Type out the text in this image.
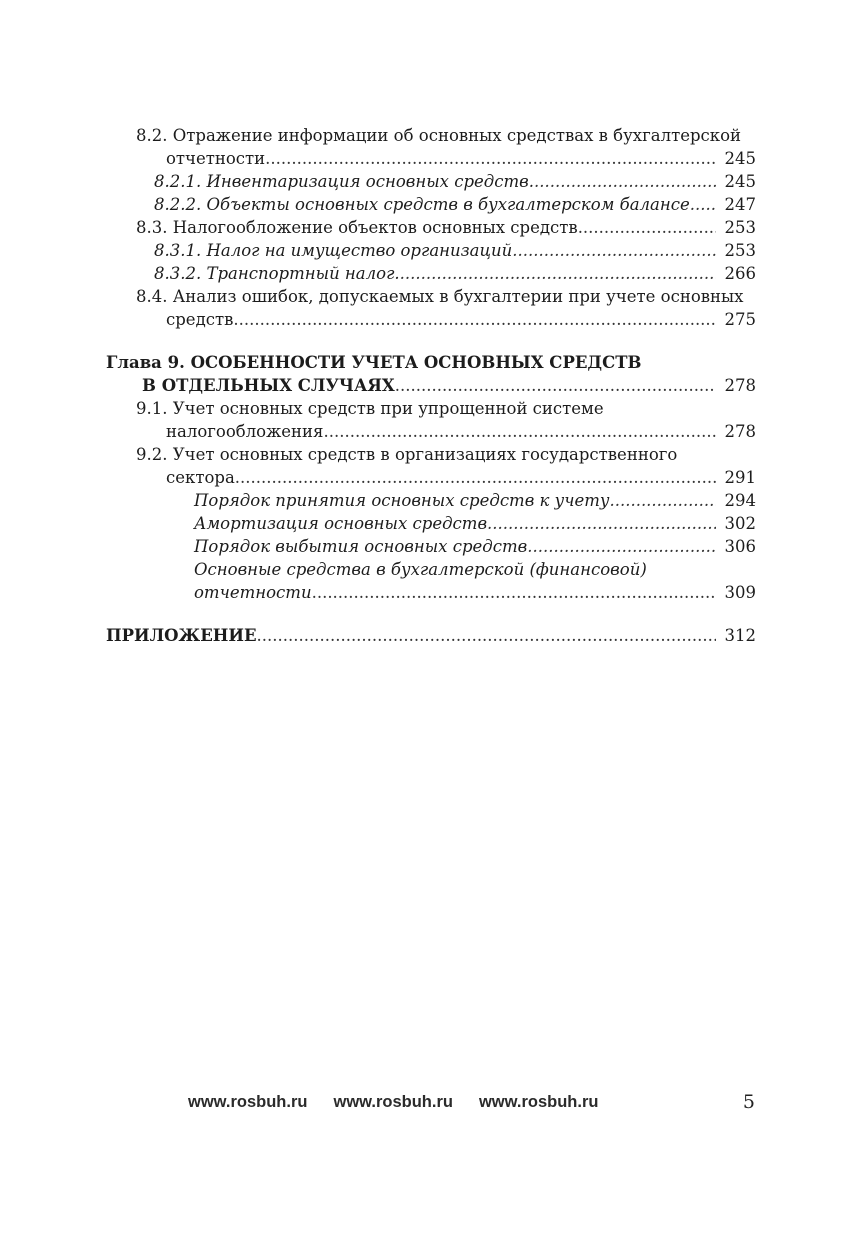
8.2. Отражение информации об основных средствах в бухгалтерской
отчетности .....	245
8.2.1. Инвентаризация основных средств. .....	245
8.2.2. Объекты основных средств в бухгалтерском балансе ..... 247
8.3. Налогообложение объектов основных средств .....	253
8.3.1. Налог на имущество организаций .....	253
8.3.2. Транспортный налог. .....	266
8.4. Анализ ошибок, допускаемых в бухгалтерии при учете основных
средств .....	275
Глава 9. ОСОБЕННОСТИ УЧЕТА ОСНОВНЫХ СРЕДСТВ
В ОТДЕЛЬНЫХ СЛУЧАЯХ .....	278
9.1. Учет основных средств при упрощенной системе
налогообложения .....	278
9.2. Учет основных средств в организациях государственного
сектора .....	291
Порядок принятия основных средств к учету .....	294
Амортизация основных средств .....	302
Порядок выбытия основных средств .....	306
Основные средства в бухгалтерской (финансовой)
отчетности .....	309
ПРИЛОЖЕНИЕ .....	312
www.rosbuh.ru www.rosbuh.ru www.rosbuh.ru	5
